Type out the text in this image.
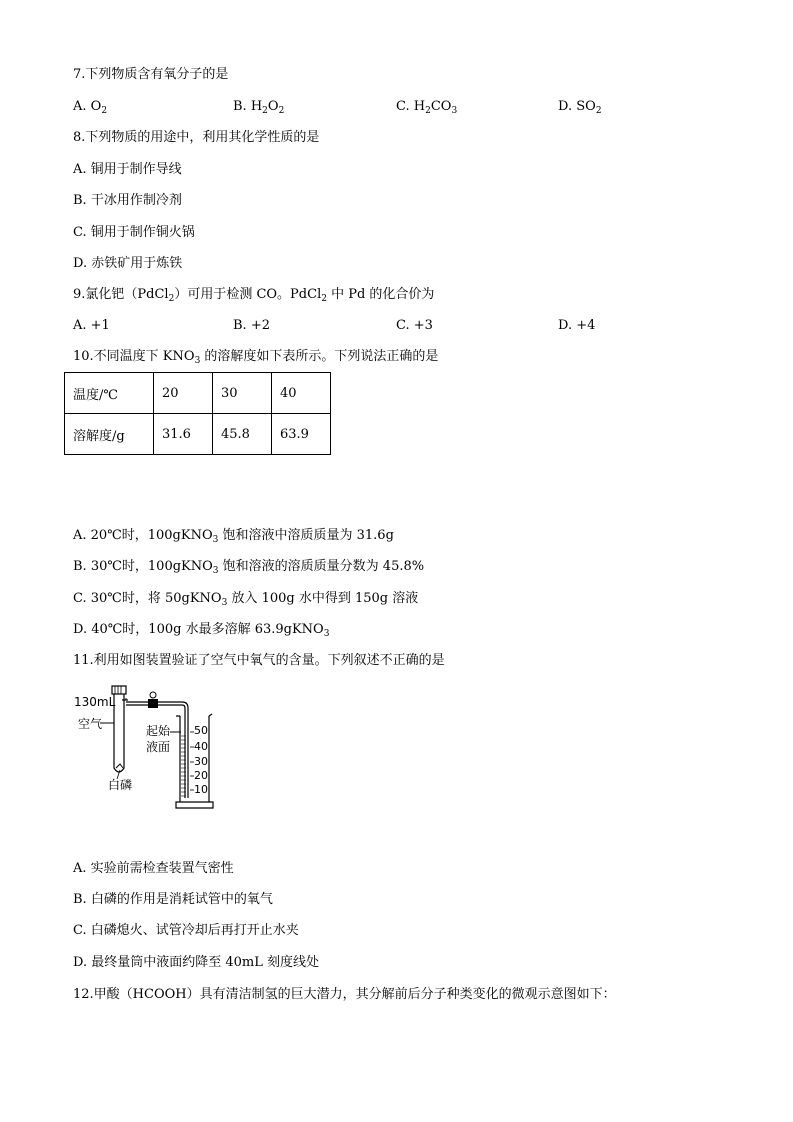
7.下列物质含有氧分子的是
A. $O_2$	B. $H_2O_2$	C. $H_2CO_3$	D. $SO_2$
8.下列物质的用途中，利用其化学性质的是
A. 铜用于制作导线
B. 干冰用作制冷剂
C. 铜用于制作铜火锅
D. 赤铁矿用于炼铁
9.氯化钯（PdCl$_2$）可用于检测 CO。PdCl$_2$ 中 Pd 的化合价为
A. +1	B. +2	C. +3	D. +4
10.不同温度下 $KNO_3$ 的溶解度如下表所示。下列说法正确的是
温度/℃	20	30	40
溶解度/g	31.6	45.8	63.9
A. 20℃时，100gKNO$_3$ 饱和溶液中溶质质量为 31.6g
B. 30℃时，100gKNO$_3$ 饱和溶液的溶质质量分数为 45.8%
C. 30℃时，将 50gKNO$_3$ 放入 100g 水中得到 150g 溶液
D. 40℃时，100g 水最多溶解 63.9gKNO$_3$
11.利用如图装置验证了空气中氧气的含量。下列叙述不正确的是
130mL
空气	起始
液面
白磷
50
40
30
20
10
A. 实验前需检查装置气密性
B. 白磷的作用是消耗试管中的氧气
C. 白磷熄火、试管冷却后再打开止水夹
D. 最终量筒中液面约降至 40mL 刻度线处
12.甲酸（HCOOH）具有清洁制氢的巨大潜力，其分解前后分子种类变化的微观示意图如下：
